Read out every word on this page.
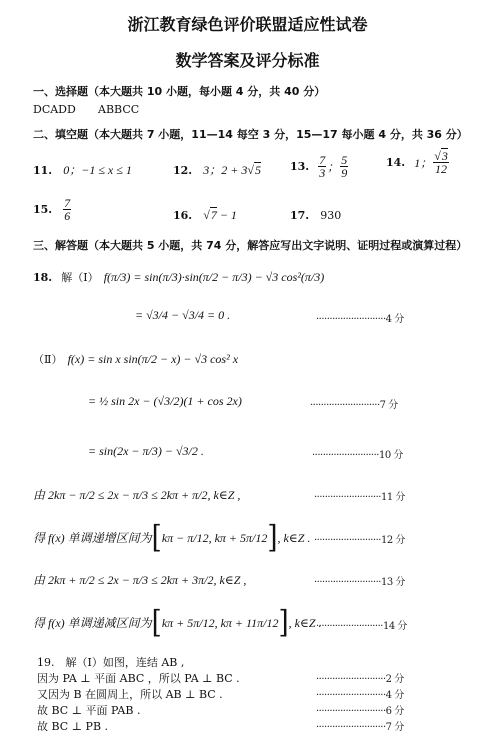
浙江教育绿色评价联盟适应性试卷
数学答案及评分标准
一、选择题（本大题共 10 小题，每小题 4 分，共 40 分）
DCADD ABBCC
二、填空题（本大题共 7 小题，11—14 每空 3 分，15—17 每小题 4 分，共 36 分）
11. 0；−1 ≤ x ≤ 1	12. 3；2 + 3√5	13. $\frac{7}{3}$ ； $\frac{5}{9}$	14. 1； $\frac{√3}{12}$
15. $\frac{7}{6}$	16. √7 − 1	17. 930
三、解答题（本大题共 5 小题，共 74 分，解答应写出文字说明、证明过程或演算过程）
18. 解（Ⅰ） f(π/3) = sin(π/3)·sin(π/2 − π/3) − √3 cos²(π/3)
= √3/4 − √3/4 = 0 .	··························4 分
（Ⅱ） f(x) = sin x sin(π/2 − x) − √3 cos² x
= ½ sin 2x − (√3/2)(1 + cos 2x)	··························7 分
= sin(2x − π/3) − √3/2 .	·························10 分
由 2kπ − π/2 ≤ 2x − π/3 ≤ 2kπ + π/2, k∈Z ,	·························11 分
得 f(x) 单调递增区间为[kπ − π/12, kπ + 5π/12], k∈Z . ·························12 分
由 2kπ + π/2 ≤ 2x − π/3 ≤ 2kπ + 3π/2, k∈Z ,	·························13 分
得 f(x) 单调递减区间为[kπ + 5π/12, kπ + 11π/12], k∈Z .
·························14 分
19.　解（Ⅰ）如图，连结 AB ,
因为 PA ⊥ 平面 ABC ，所以 PA ⊥ BC .	··························2 分
又因为 B 在圆周上，所以 AB ⊥ BC .	··························4 分
故 BC ⊥ 平面 PAB .	··························6 分
故 BC ⊥ PB .	··························7 分
